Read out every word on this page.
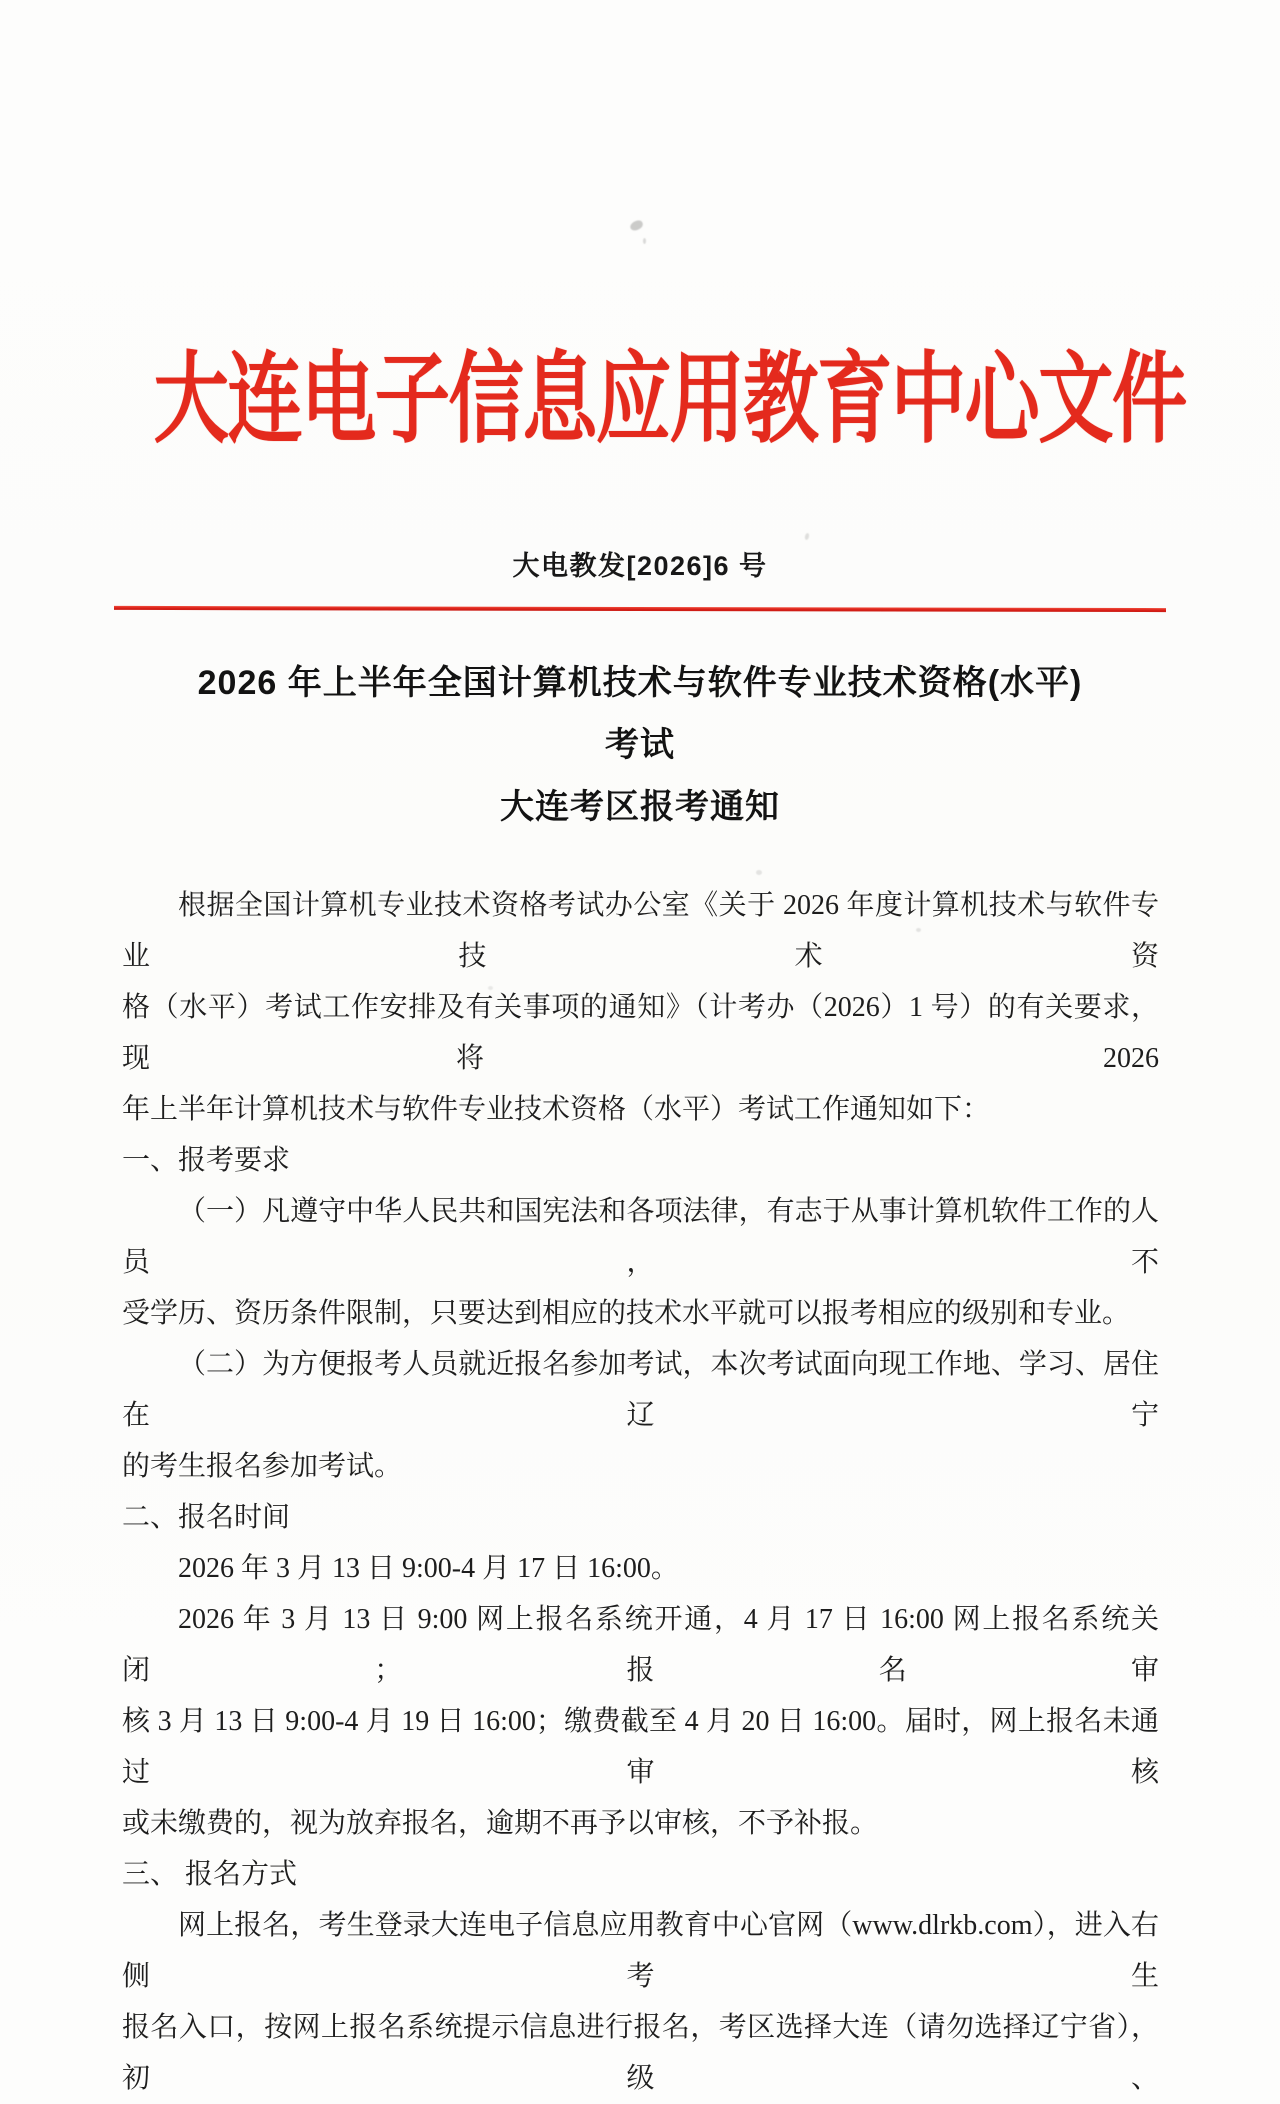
大连电子信息应用教育中心文件
大电教发[2026]6 号
2026 年上半年全国计算机技术与软件专业技术资格(水平)
考试
大连考区报考通知
根据全国计算机专业技术资格考试办公室《关于 2026 年度计算机技术与软件专业技术资
格（水平）考试工作安排及有关事项的通知》（计考办（2026）1 号）的有关要求，现将 2026
年上半年计算机技术与软件专业技术资格（水平）考试工作通知如下：
一、报考要求
（一）凡遵守中华人民共和国宪法和各项法律，有志于从事计算机软件工作的人员，不
受学历、资历条件限制，只要达到相应的技术水平就可以报考相应的级别和专业。
（二）为方便报考人员就近报名参加考试，本次考试面向现工作地、学习、居住在辽宁
的考生报名参加考试。
二、报名时间
2026 年 3 月 13 日 9:00-4 月 17 日 16:00。
2026 年 3 月 13 日 9:00 网上报名系统开通，4 月 17 日 16:00 网上报名系统关闭；报名审
核 3 月 13 日 9:00-4 月 19 日 16:00；缴费截至 4 月 20 日 16:00。届时，网上报名未通过审核
或未缴费的，视为放弃报名，逾期不再予以审核，不予补报。
三、 报名方式
网上报名，考生登录大连电子信息应用教育中心官网（www.dlrkb.com），进入右侧考生
报名入口，按网上报名系统提示信息进行报名，考区选择大连（请勿选择辽宁省），初级、
